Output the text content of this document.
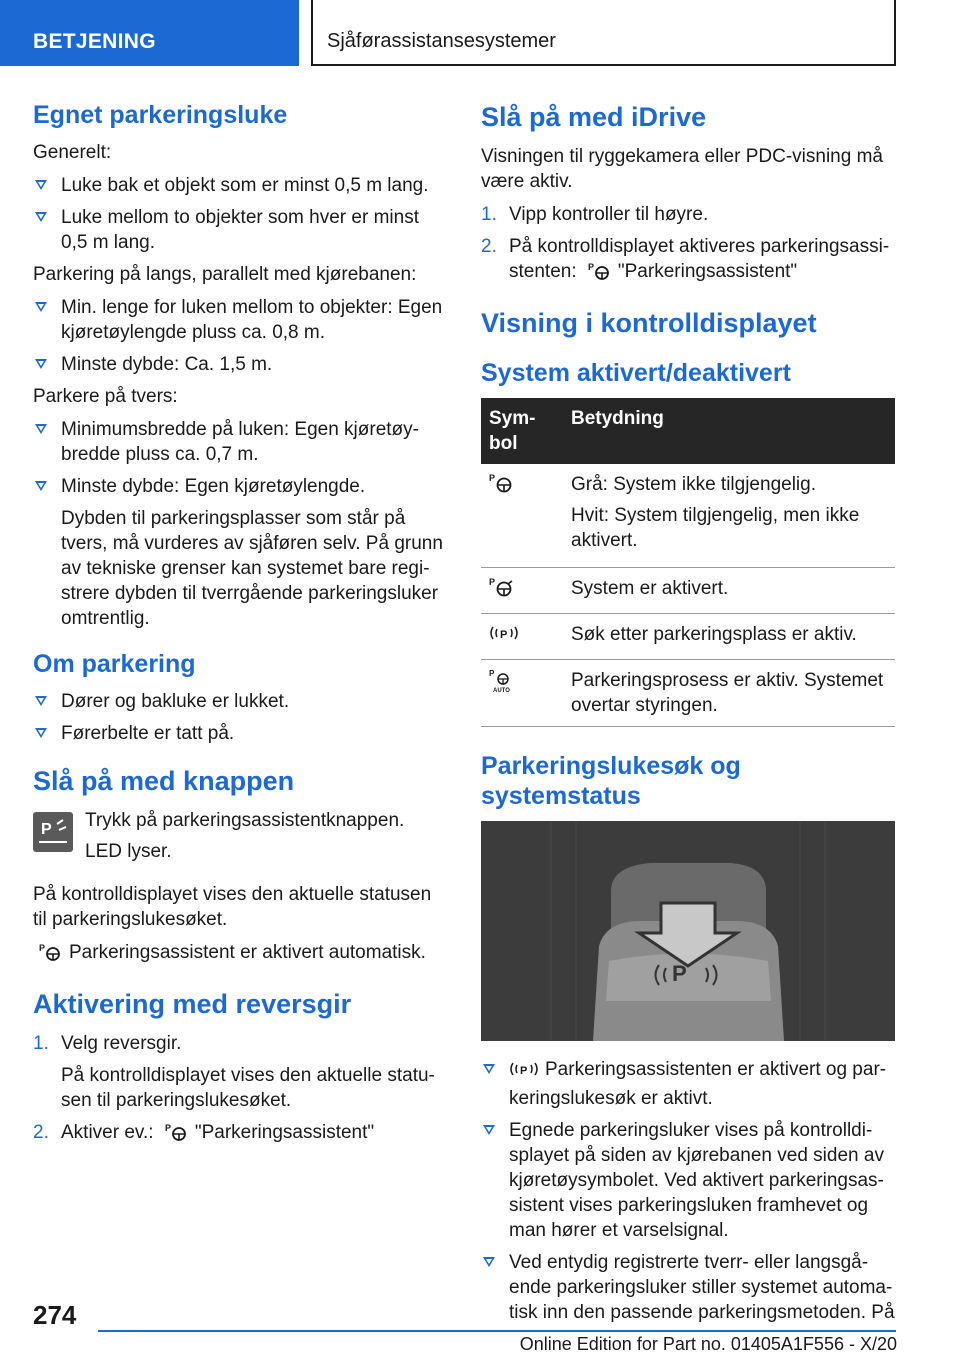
BETJENING	Sjåførassistansesystemer
Egnet parkeringsluke

Generelt:

Luke bak et objekt som er minst 0,5 m lang.
Luke mellom to objekter som hver er minst 0,5 m lang.

Parkering på langs, parallelt med kjørebanen:

Min. lenge for luken mellom to objekter: Egen kjøretøylengde pluss ca. 0,8 m.
Minste dybde: Ca. 1,5 m.

Parkere på tvers:

Minimumsbredde på luken: Egen kjøretøy-bredde pluss ca. 0,7 m.
Minste dybde: Egen kjøretøylengde.
Dybden til parkeringsplasser som står på tvers, må vurderes av sjåføren selv. På grunn av tekniske grenser kan systemet bare regi-strere dybden til tverrgående parkeringsluker omtrentlig.
Om parkering
Dører og bakluke er lukket.
Førerbelte er tatt på.
Slå på med knappen
P Trykk på parkeringsassistentknappen.

LED lyser.

På kontrolldisplayet vises den aktuelle statusen til parkeringslukesøket.

P Parkeringsassistent er aktivert automatisk.

Aktivering med reversgir
1. Velg reversgir.
På kontrolldisplayet vises den aktuelle statu-sen til parkeringslukesøket.
2. Aktiver ev.: P "Parkeringsassistent"
Slå på med iDrive

Visningen til ryggekamera eller PDC-visning må være aktiv.

1. Vipp kontroller til høyre.
2. På kontrolldisplayet aktiveres parkeringsassi-stenten: P "Parkeringsassistent"
Visning i kontrolldisplayet
System aktivert/deaktivert
Sym-bol	Betydning

P	Grå: System ikke tilgjengelig.

Hvit: System tilgjengelig, men ikke aktivert.

P	System er aktivert.

P	Søk etter parkeringsplass er aktiv.

P
AUTO	Parkeringsprosess er aktiv. Systemet overtar styringen.
Parkeringslukesøk og systemstatus
P
P Parkeringsassistenten er aktivert og par-keringslukesøk er aktivt.
Egnede parkeringsluker vises på kontrolldi-splayet på siden av kjørebanen ved siden av kjøretøysymbolet. Ved aktivert parkeringsas-sistent vises parkeringsluken framhevet og man hører et varselsignal.
Ved entydig registrerte tverr- eller langsgå-ende parkeringsluker stiller systemet automa-tisk inn den passende parkeringsmetoden. På
274
Online Edition for Part no. 01405A1F556 - X/20
